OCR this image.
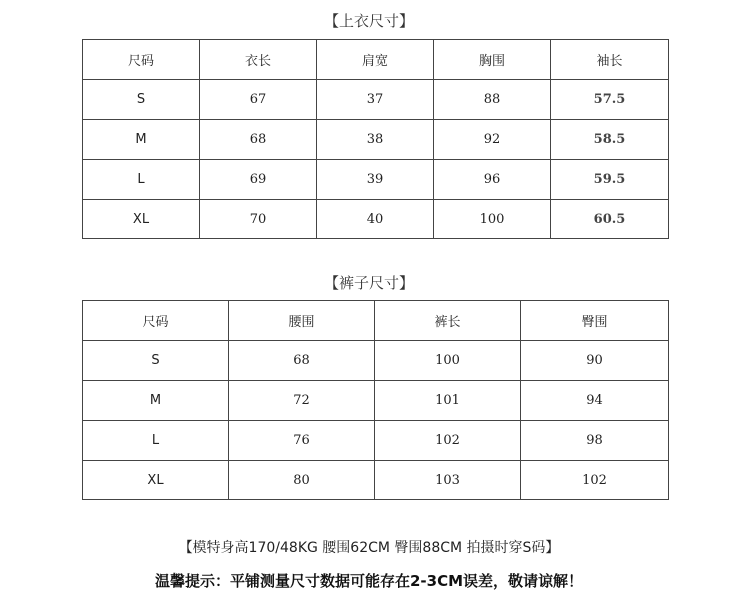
【上衣尺寸】
尺码	衣长	肩宽	胸围	袖长
S	67	37	88	57.5
M	68	38	92	58.5
L	69	39	96	59.5
XL	70	40	100	60.5
【裤子尺寸】
尺码	腰围	裤长	臀围
S	68	100	90
M	72	101	94
L	76	102	98
XL	80	103	102
【模特身高170/48KG 腰围62CM 臀围88CM 拍摄时穿S码】
温馨提示：平铺测量尺寸数据可能存在2-3CM误差，敬请谅解！
